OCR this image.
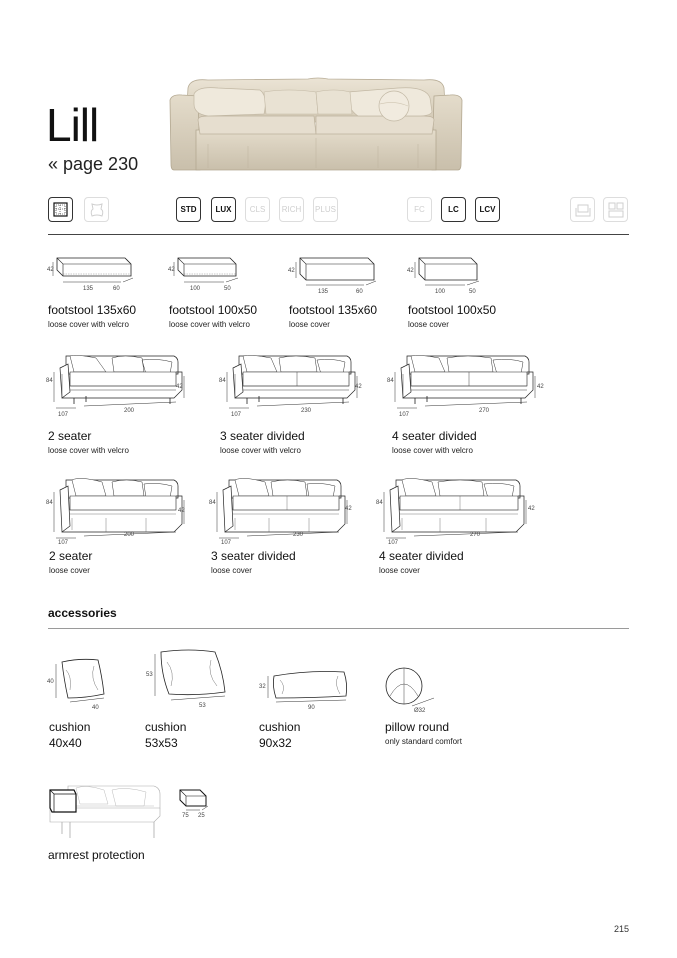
Lill
« page 230
STD	LUX	CLS	RICH	PLUS	FC	LC	LCV
42
135	60
footstool 135x60
loose cover with velcro
42
100	50
footstool 100x50
loose cover with velcro
42
135	60
footstool 135x60
loose cover
42
100	50
footstool 100x50
loose cover
84
42
107
200
2 seater
loose cover with velcro
84
42
107
230
3 seater divided
loose cover with velcro
84
42
107
270
4 seater divided
loose cover with velcro
84
42
107
200
2 seater
loose cover
84
42
107
230
3 seater divided
loose cover
84
42
107
270
4 seater divided
loose cover
accessories
40
40
cushion
40x40
53
53
cushion
53x53
32
90
cushion
90x32
Ø32
pillow round
only standard comfort
75 25
armrest protection
215
